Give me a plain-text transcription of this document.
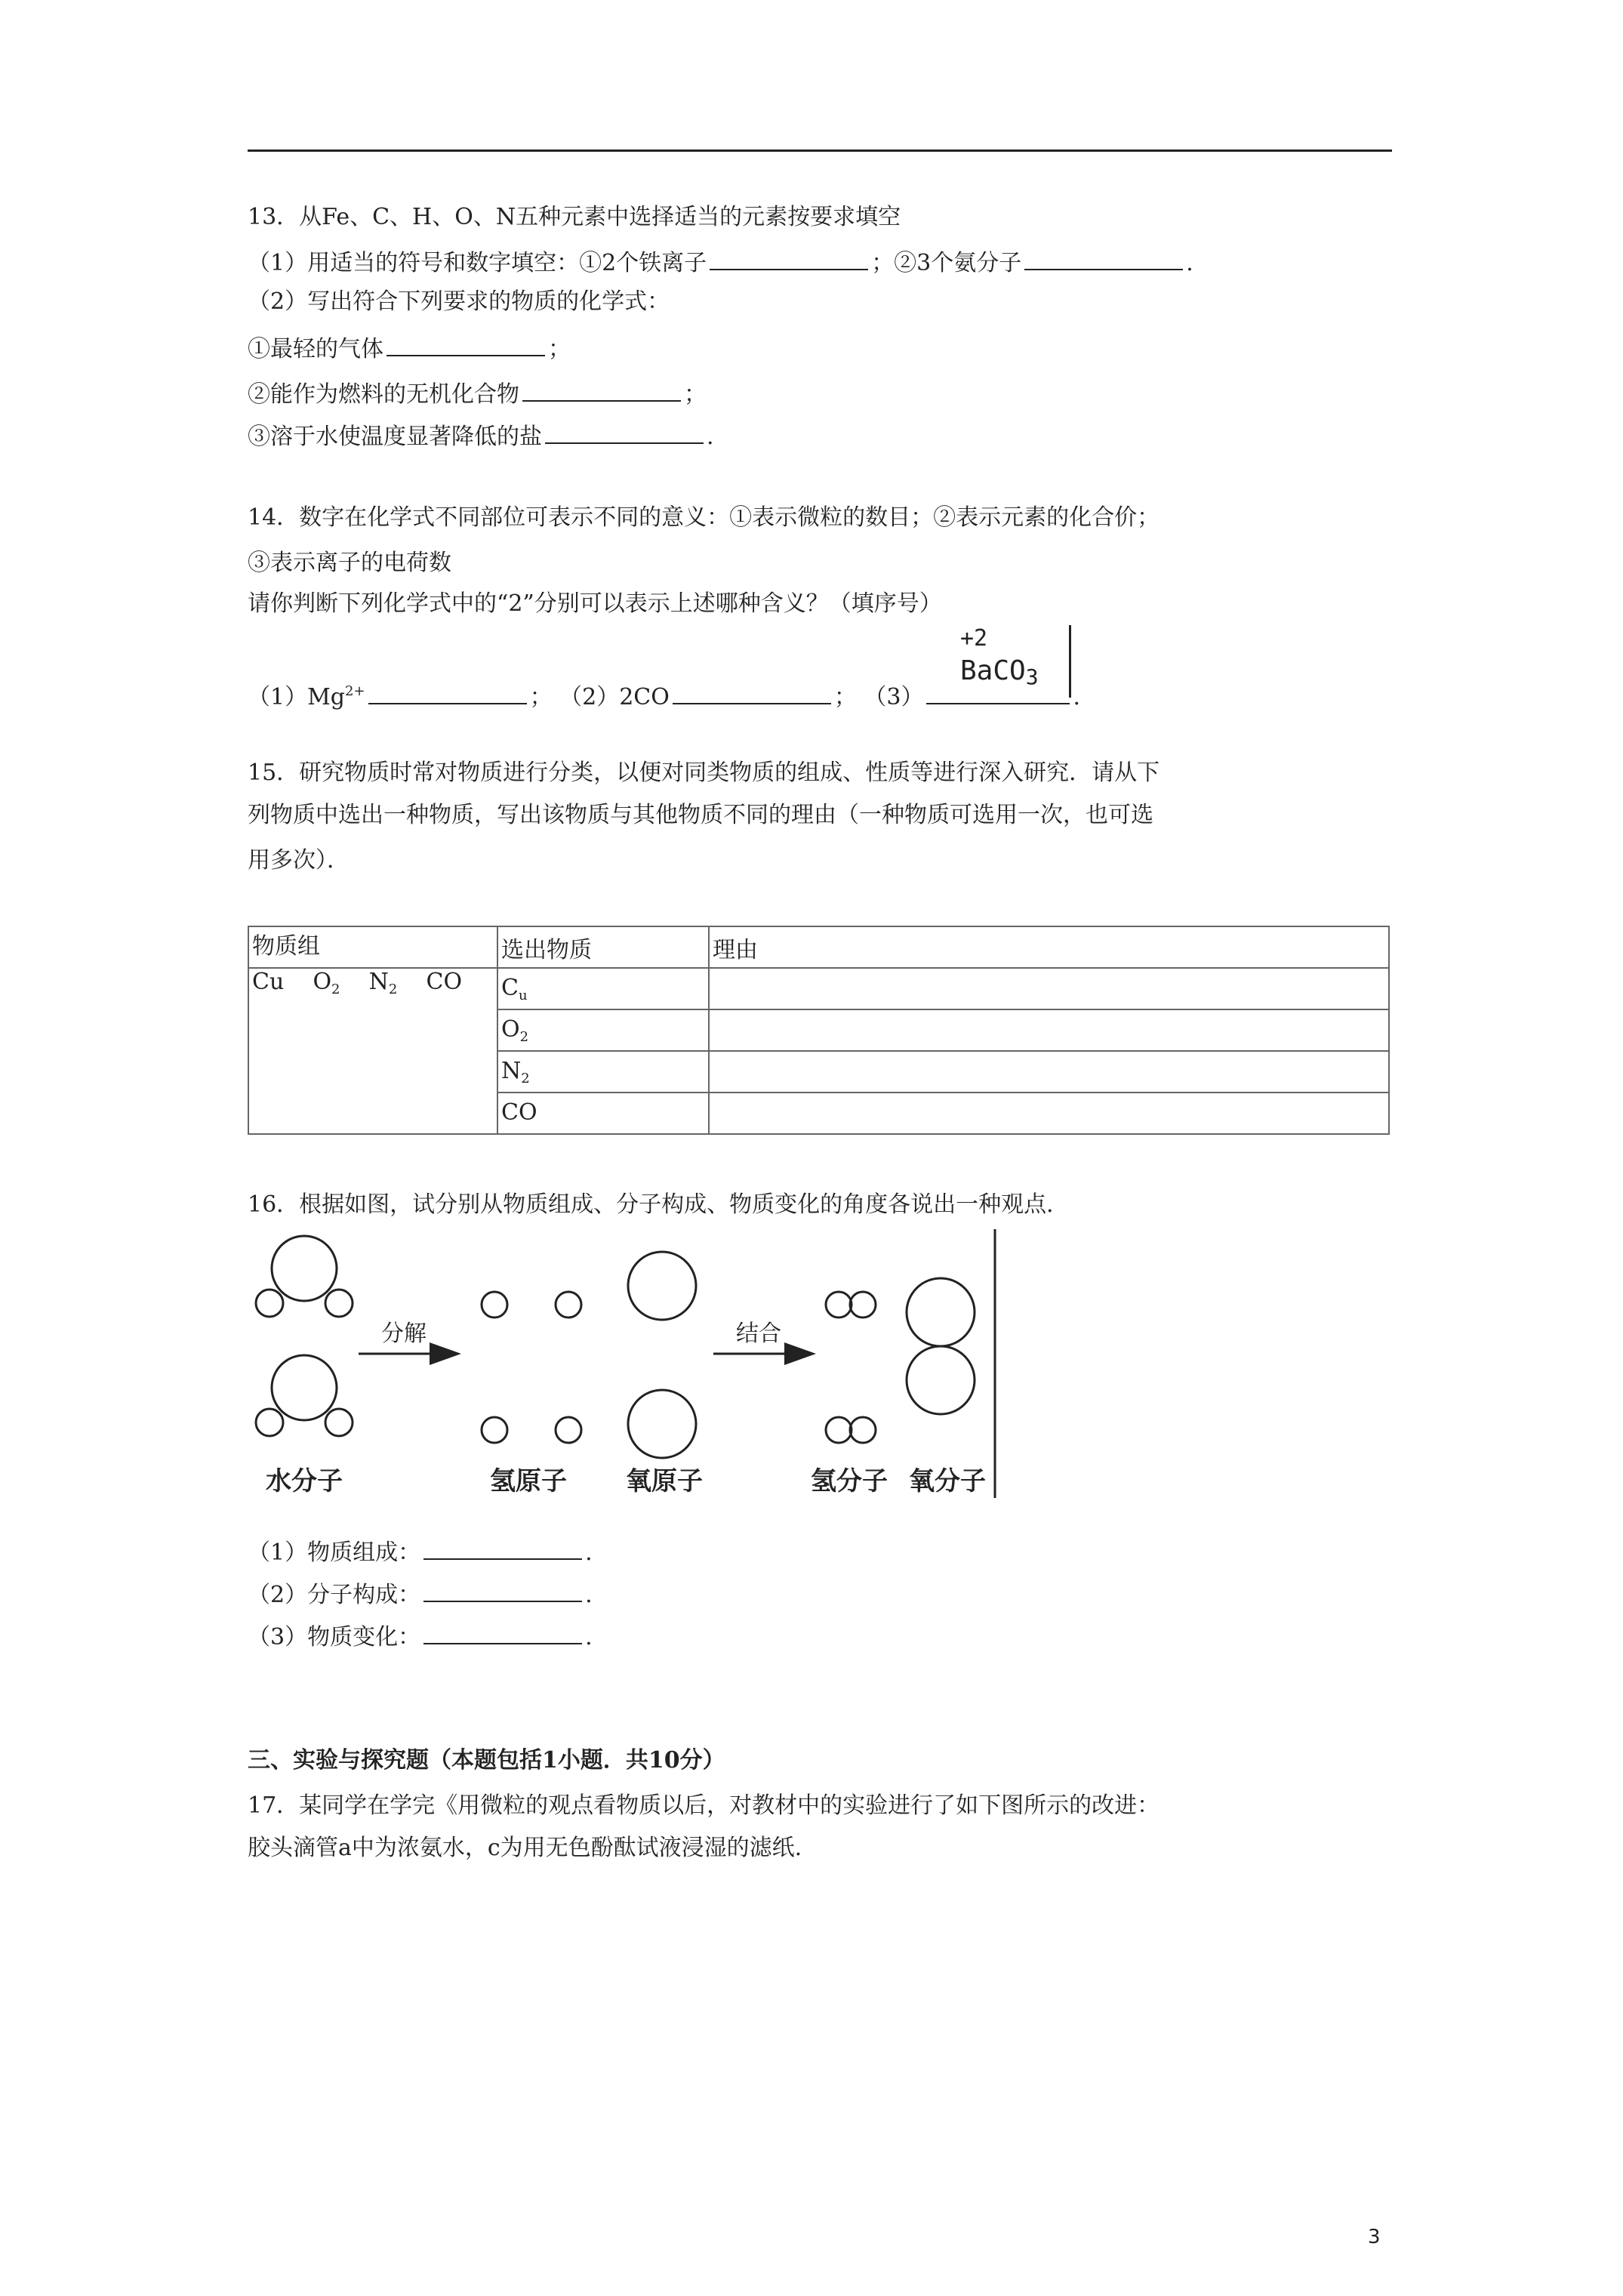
13．从Fe、C、H、O、N五种元素中选择适当的元素按要求填空
（1）用适当的符号和数字填空：①2个铁离子	；②3个氨分子	.
（2）写出符合下列要求的物质的化学式：
①最轻的气体	；
②能作为燃料的无机化合物	；
③溶于水使温度显著降低的盐	.
14．数字在化学式不同部位可表示不同的意义：①表示微粒的数目；②表示元素的化合价；
③表示离子的电荷数
请你判断下列化学式中的“2”分别可以表示上述哪种含义？（填序号）
$(1)Mg^{2+}$	； （2）2CO	； （3）	.
+2
BaCO$_3$
15．研究物质时常对物质进行分类，以便对同类物质的组成、性质等进行深入研究．请从下
列物质中选出一种物质，写出该物质与其他物质不同的理由（一种物质可选用一次，也可选
用多次）．
物质组	选出物质	理由
Cu $O_2$ $N_2$ CO	$C_u$	
	$O_2$	
	$N_2$	
	CO	
16．根据如图，试分别从物质组成、分子构成、物质变化的角度各说出一种观点．
分解	结合
水分子	氢原子 氧原子	氢分子 氧分子
（1）物质组成：	.
（2）分子构成：	.
（3）物质变化：	.
三、实验与探究题（本题包括1小题．共10分）
17．某同学在学完《用微粒的观点看物质以后，对教材中的实验进行了如下图所示的改进：
胶头滴管a中为浓氨水，c为用无色酚酞试液浸湿的滤纸.
3
